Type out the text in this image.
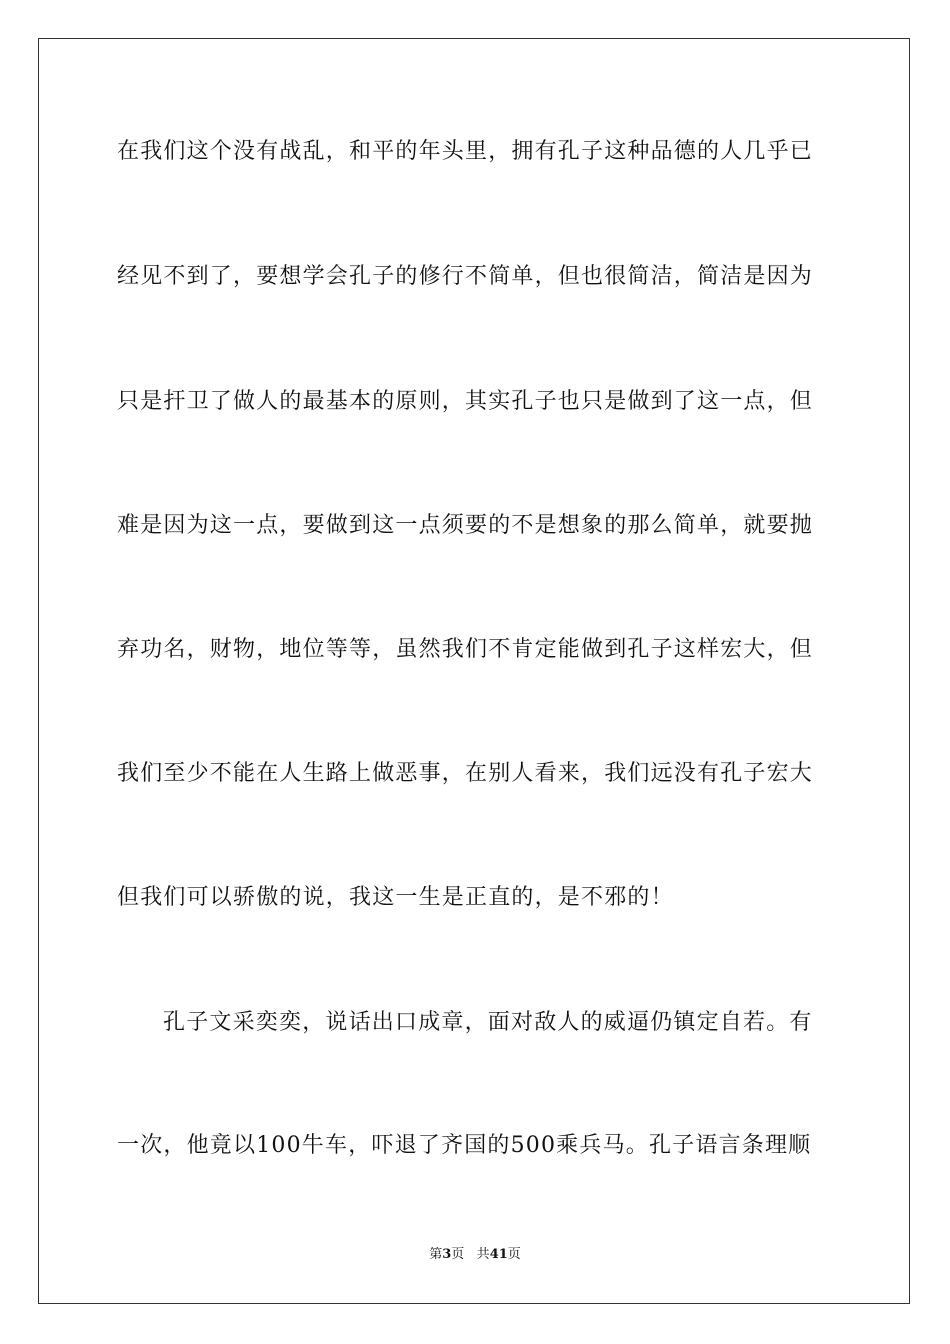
在我们这个没有战乱，和平的年头里，拥有孔子这种品德的人几乎已
经见不到了，要想学会孔子的修行不简单，但也很简洁，简洁是因为
只是扞卫了做人的最基本的原则，其实孔子也只是做到了这一点，但
难是因为这一点，要做到这一点须要的不是想象的那么简单，就要抛
弃功名，财物，地位等等，虽然我们不肯定能做到孔子这样宏大，但
我们至少不能在人生路上做恶事，在别人看来，我们远没有孔子宏大
但我们可以骄傲的说，我这一生是正直的，是不邪的！
孔子文采奕奕，说话出口成章，面对敌人的威逼仍镇定自若。有
一次，他竟以100牛车，吓退了齐国的500乘兵马。孔子语言条理顺
第3页 共41页
